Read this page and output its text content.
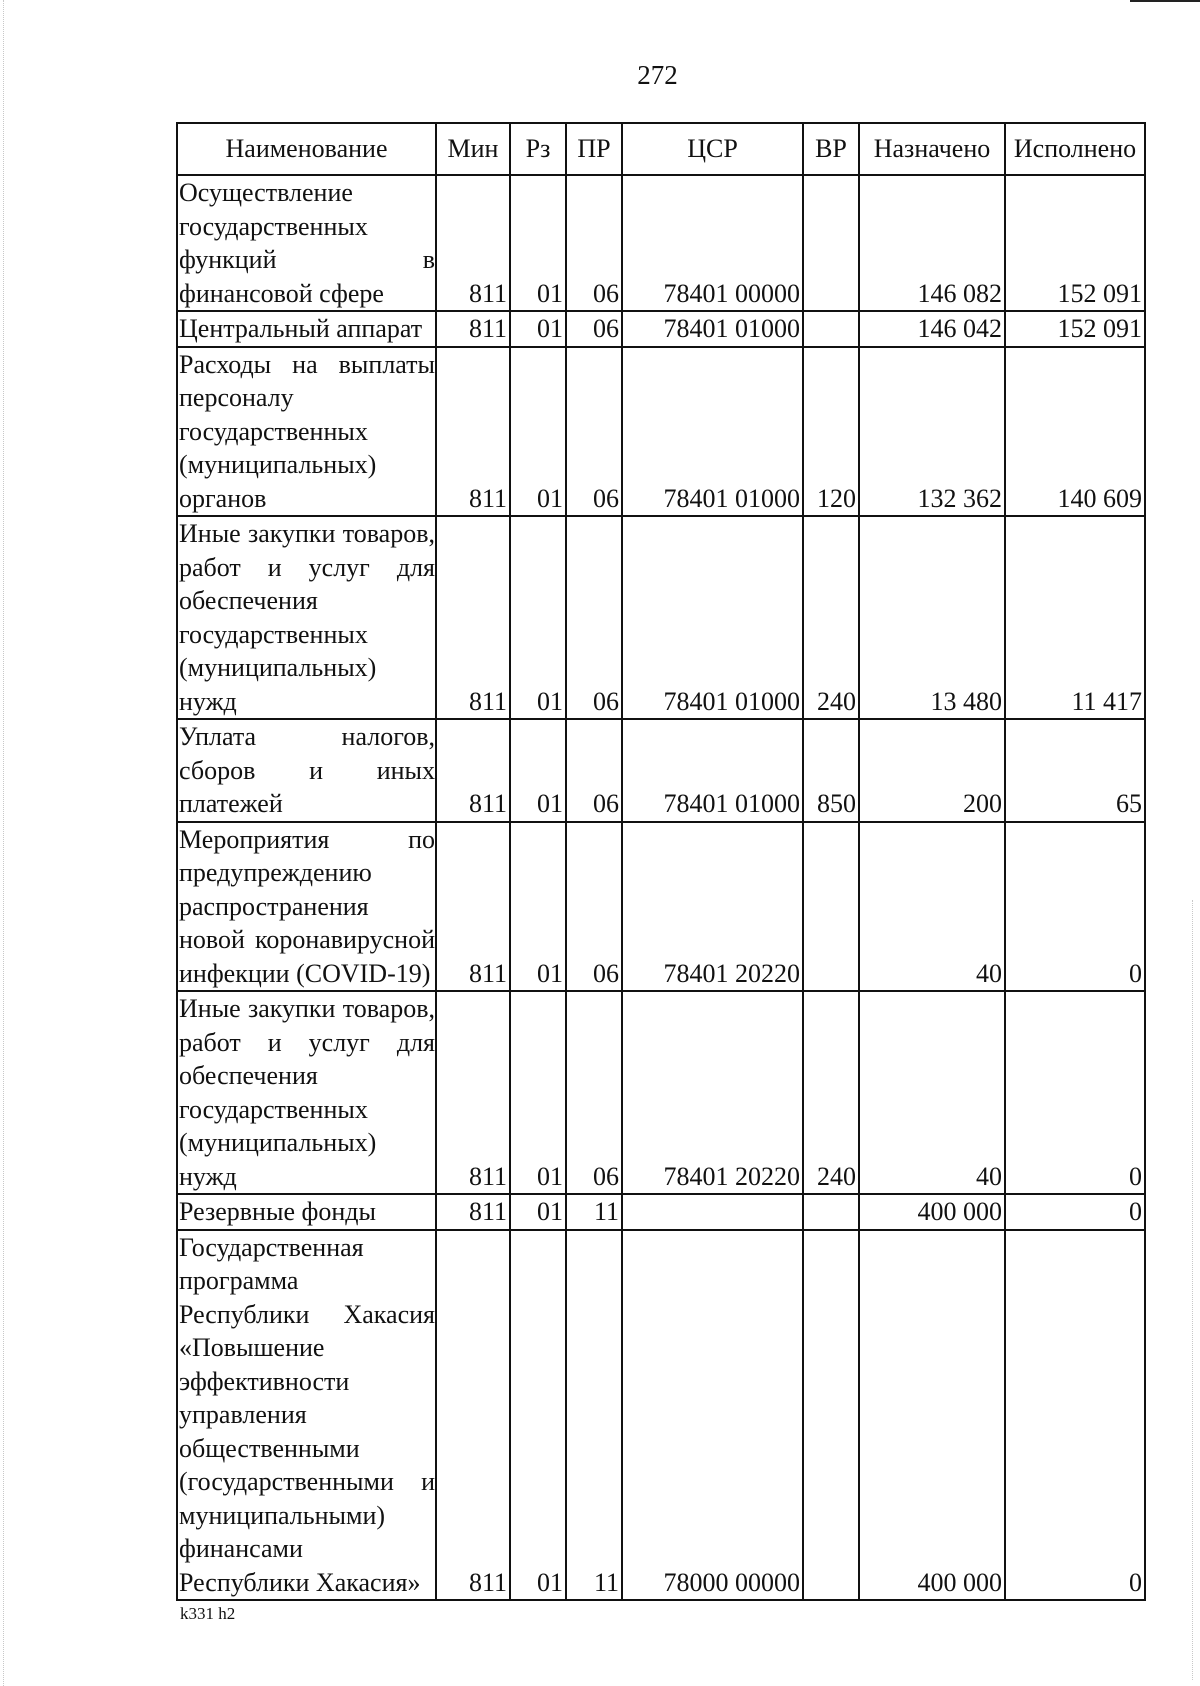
272
Наименование	Мин	Рз	ПР	ЦСР	ВР	Назначено	Исполнено
Осуществление государственных функций в финансовой сфере	811	01	06	78401 00000		146 082	152 091
Центральный аппарат	811	01	06	78401 01000		146 042	152 091
Расходы на выплаты персоналу государственных (муниципальных) органов	811	01	06	78401 01000	120	132 362	140 609
Иные закупки товаров, работ и услуг для обеспечения государственных (муниципальных) нужд	811	01	06	78401 01000	240	13 480	11 417
Уплата налогов, сборов и иных платежей	811	01	06	78401 01000	850	200	65
Мероприятия по предупреждению распространения новой коронавирусной инфекции (COVID-19)	811	01	06	78401 20220		40	0
Иные закупки товаров, работ и услуг для обеспечения государственных (муниципальных) нужд	811	01	06	78401 20220	240	40	0
Резервные фонды	811	01	11			400 000	0
Государственная программа Республики Хакасия «Повышение эффективности управления общественными (государственными и муниципальными) финансами Республики Хакасия»	811	01	11	78000 00000		400 000	0
k331 h2
